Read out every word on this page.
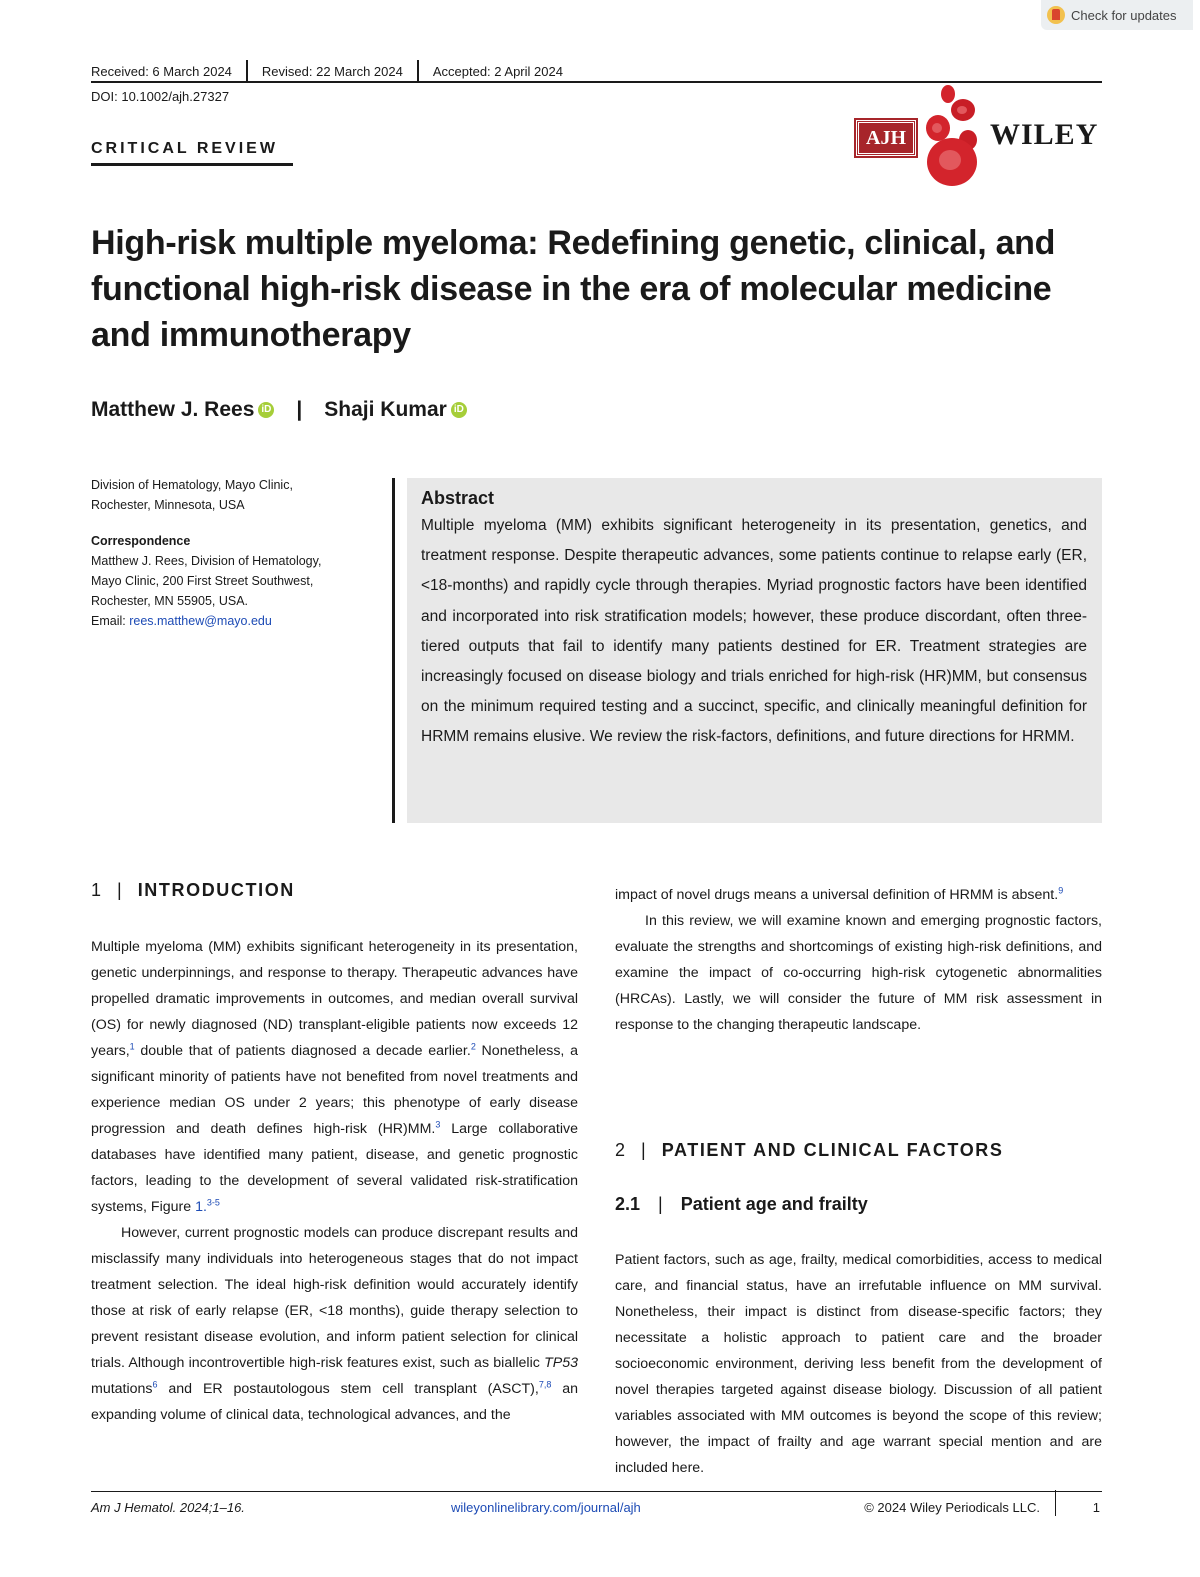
Check for updates
Received: 6 March 2024	Revised: 22 March 2024	Accepted: 2 April 2024
DOI: 10.1002/ajh.27327
CRITICAL REVIEW	AJH	WILEY
High-risk multiple myeloma: Redefining genetic, clinical, and functional high-risk disease in the era of molecular medicine and immunotherapy
Matthew J. Rees iD | Shaji Kumar iD
Division of Hematology, Mayo Clinic,
Rochester, Minnesota, USA
Correspondence
Matthew J. Rees, Division of Hematology,
Mayo Clinic, 200 First Street Southwest,
Rochester, MN 55905, USA.
Email: rees.matthew@mayo.edu
Abstract
Multiple myeloma (MM) exhibits significant heterogeneity in its presentation, genetics, and treatment response. Despite therapeutic advances, some patients continue to relapse early (ER, <18-months) and rapidly cycle through therapies. Myriad prognostic factors have been identified and incorporated into risk stratification models; however, these produce discordant, often three-tiered outputs that fail to identify many patients destined for ER. Treatment strategies are increasingly focused on disease biology and trials enriched for high-risk (HR)MM, but consensus on the minimum required testing and a succinct, specific, and clinically meaningful definition for HRMM remains elusive. We review the risk-factors, definitions, and future directions for HRMM.
1 | INTRODUCTION

Multiple myeloma (MM) exhibits significant heterogeneity in its presentation, genetic underpinnings, and response to therapy. Therapeutic advances have propelled dramatic improvements in outcomes, and median overall survival (OS) for newly diagnosed (ND) transplant-eligible patients now exceeds 12 years,$^1$ double that of patients diagnosed a decade earlier.$^2$ Nonetheless, a significant minority of patients have not benefited from novel treatments and experience median OS under 2 years; this phenotype of early disease progression and death defines high-risk (HR)MM.$^3$ Large collaborative databases have identified many patient, disease, and genetic prognostic factors, leading to the development of several validated risk-stratification systems, Figure 1.$^{3-5}$

However, current prognostic models can produce discrepant results and misclassify many individuals into heterogeneous stages that do not impact treatment selection. The ideal high-risk definition would accurately identify those at risk of early relapse (ER, <18 months), guide therapy selection to prevent resistant disease evolution, and inform patient selection for clinical trials. Although incontrovertible high-risk features exist, such as biallelic TP53 mutations$^6$ and ER postautologous stem cell transplant (ASCT),$^{7,8}$ an expanding volume of clinical data, technological advances, and the

impact of novel drugs means a universal definition of HRMM is absent.$^9$

In this review, we will examine known and emerging prognostic factors, evaluate the strengths and shortcomings of existing high-risk definitions, and examine the impact of co-occurring high-risk cytogenetic abnormalities (HRCAs). Lastly, we will consider the future of MM risk assessment in response to the changing therapeutic landscape.

2 | PATIENT AND CLINICAL FACTORS
2.1 | Patient age and frailty

Patient factors, such as age, frailty, medical comorbidities, access to medical care, and financial status, have an irrefutable influence on MM survival. Nonetheless, their impact is distinct from disease-specific factors; they necessitate a holistic approach to patient care and the broader socioeconomic environment, deriving less benefit from the development of novel therapies targeted against disease biology. Discussion of all patient variables associated with MM outcomes is beyond the scope of this review; however, the impact of frailty and age warrant special mention and are included here.

Am J Hematol. 2024;1–16.	wileyonlinelibrary.com/journal/ajh	© 2024 Wiley Periodicals LLC.	1
